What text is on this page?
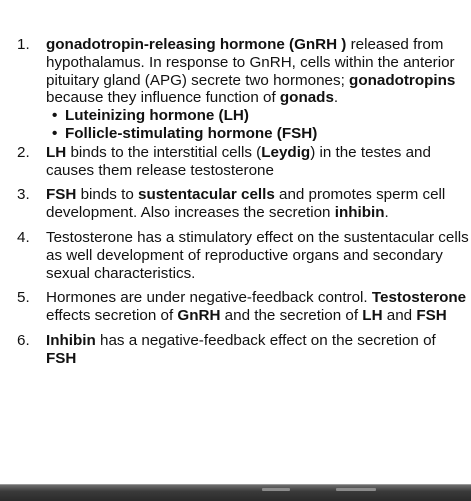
1.	gonadotropin-releasing hormone (GnRH ) released from hypothalamus. In response to GnRH, cells within the anterior pituitary gland (APG) secrete two hormones; gonadotropins because they influence function of gonads.

• Luteinizing hormone (LH)
• Follicle-stimulating hormone (FSH)
2.	LH binds to the interstitial cells (Leydig) in the testes and causes them release testosterone

3.	FSH binds to sustentacular cells and promotes sperm cell development. Also increases the secretion inhibin.

4.	Testosterone has a stimulatory effect on the sustentacular cells as well development of reproductive organs and secondary sexual characteristics.

5.	Hormones are under negative-feedback control. Testosterone effects secretion of GnRH and the secretion of LH and FSH

6.	Inhibin has a negative-feedback effect on the secretion of FSH
